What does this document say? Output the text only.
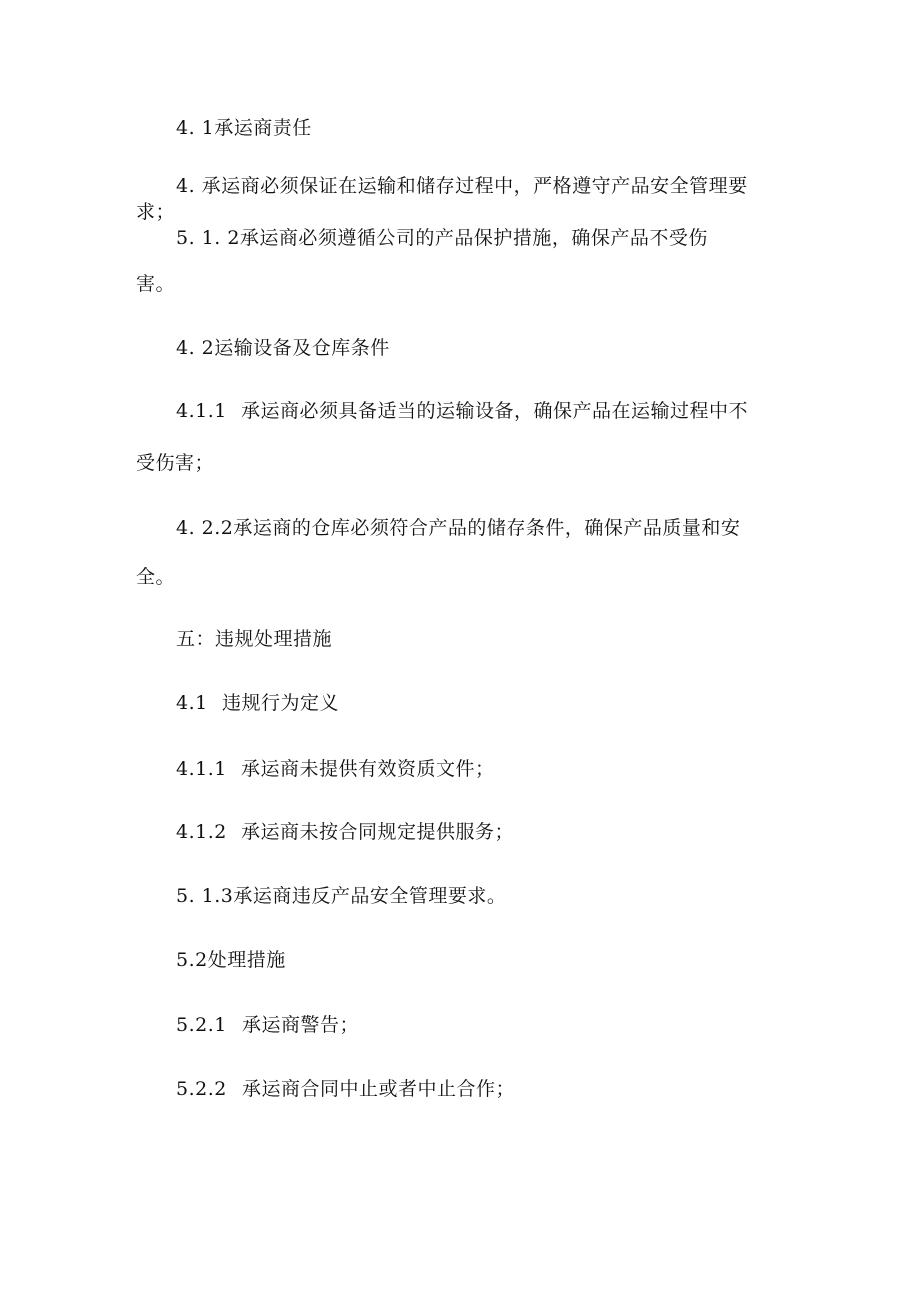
4. 1承运商责任
4. 承运商必须保证在运输和储存过程中，严格遵守产品安全管理要
求；
5. 1. 2承运商必须遵循公司的产品保护措施，确保产品不受伤
害。
4. 2运输设备及仓库条件
4.1.1 承运商必须具备适当的运输设备，确保产品在运输过程中不
受伤害；
4. 2.2承运商的仓库必须符合产品的储存条件，确保产品质量和安
全。
五：违规处理措施
4.1 违规行为定义
4.1.1 承运商未提供有效资质文件；
4.1.2 承运商未按合同规定提供服务；
5. 1.3承运商违反产品安全管理要求。
5.2处理措施
5.2.1 承运商警告；
5.2.2 承运商合同中止或者中止合作；
